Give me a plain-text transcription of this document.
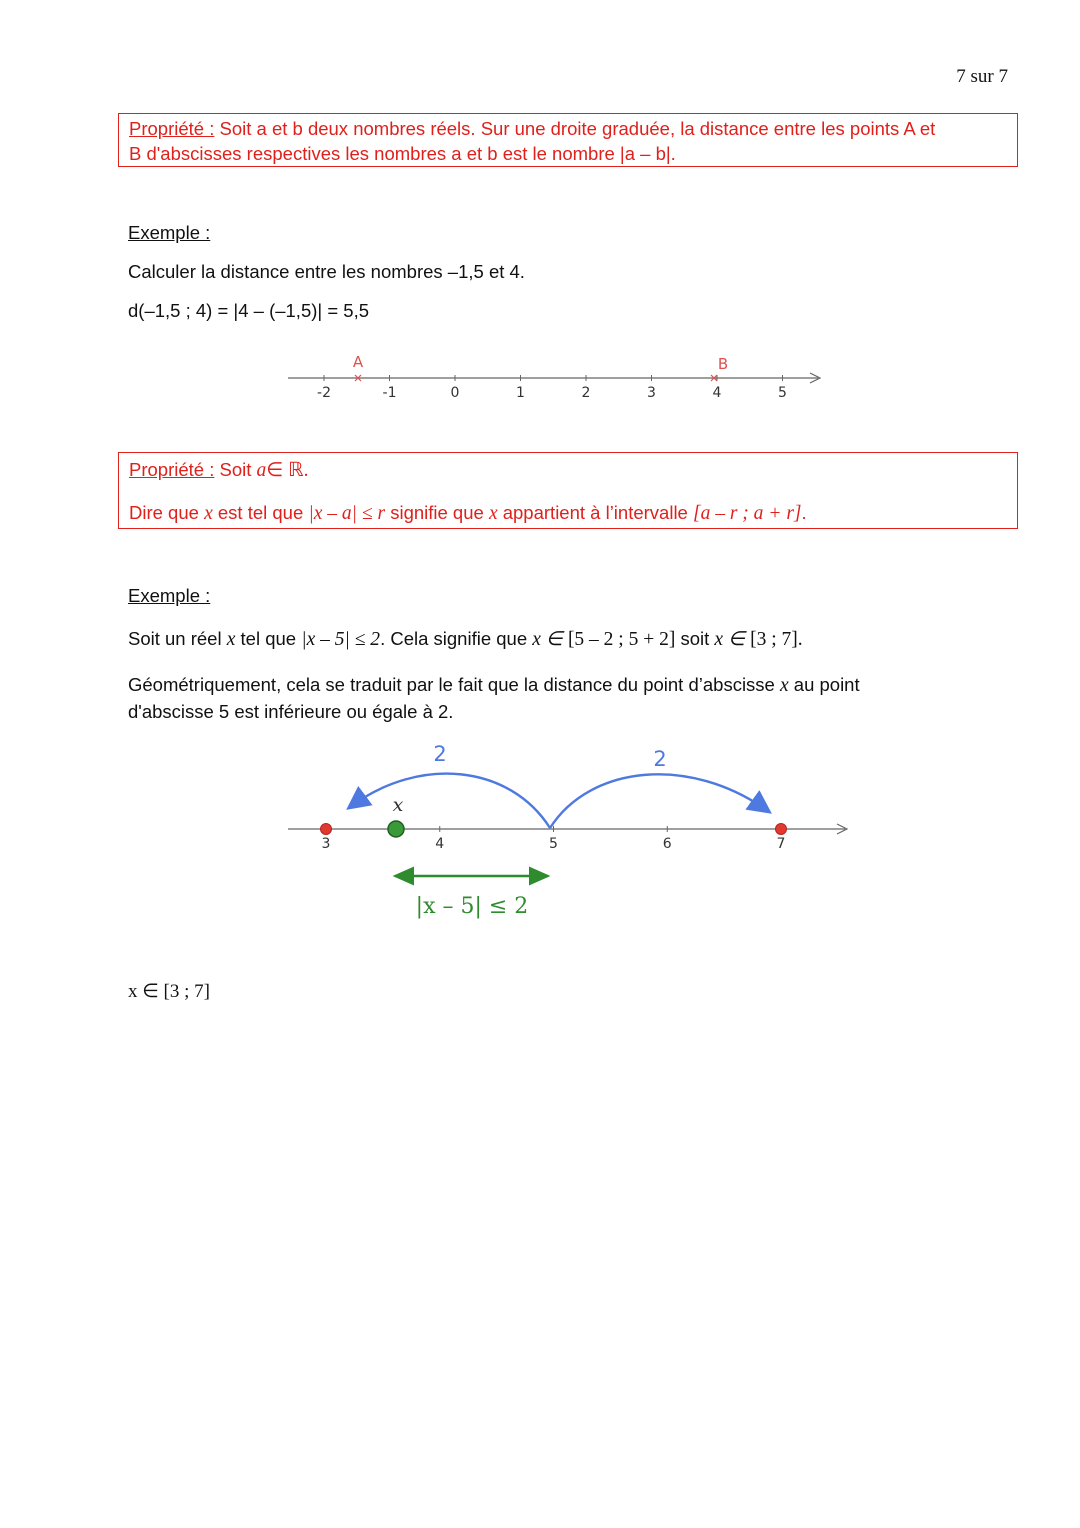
7 sur 7
Propriété : Soit a et b deux nombres réels. Sur une droite graduée, la distance entre les points A et
B d'abscisses respectives les nombres a et b est le nombre |a – b|.
Exemple :
Calculer la distance entre les nombres –1,5 et 4.
d(–1,5 ; 4) = |4 – (–1,5)| = 5,5
-2	-1	0	1	2	3	4	5
A	B
Propriété : Soit a∈ ℝ.
Dire que x est tel que |x – a| ≤ r signifie que x appartient à l’intervalle [a – r ; a + r].
Exemple :
Soit un réel x tel que |x – 5| ≤ 2. Cela signifie que x ∈ [5 – 2 ; 5 + 2] soit x ∈ [3 ; 7].
Géométriquement, cela se traduit par le fait que la distance du point d’abscisse x au point
d'abscisse 5 est inférieure ou égale à 2.
3	4	5	6	7
2	2
x
|x – 5| ≤ 2
x ∈ [3 ; 7]
